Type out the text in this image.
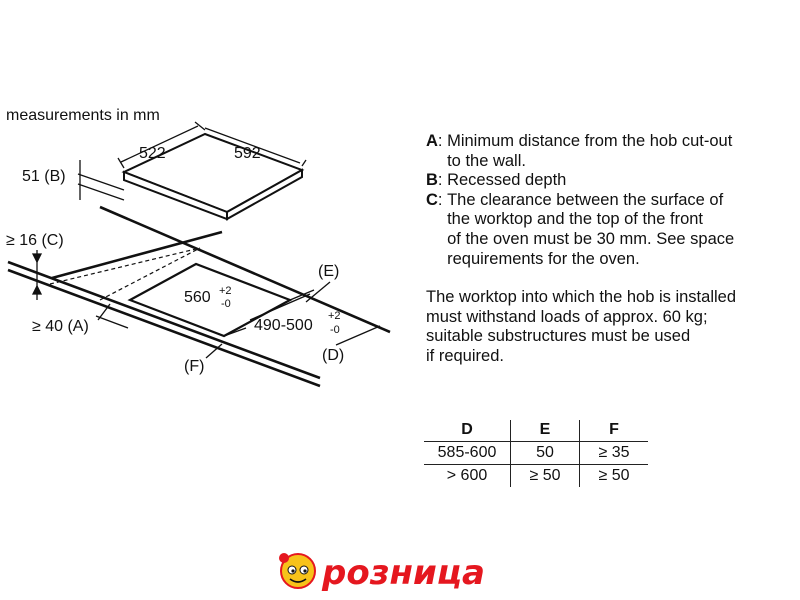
measurements in mm
522	592
51 (B)
≥ 16 (C)
560 +2
-0
490-500
+2
-0
(E)
≥ 40 (A)
(F)
(D)
A : Minimum distance from the hob cut-out
to the wall.
B : Recessed depth
C : The clearance between the surface of
the worktop and the top of the front
of the oven must be 30 mm. See space
requirements for the oven.
The worktop into which the hob is installed
must withstand loads of approx. 60 kg;
suitable substructures must be used
if required.
D	E	F
585-600	50	≥ 35
> 600	≥ 50	≥ 50
розница
